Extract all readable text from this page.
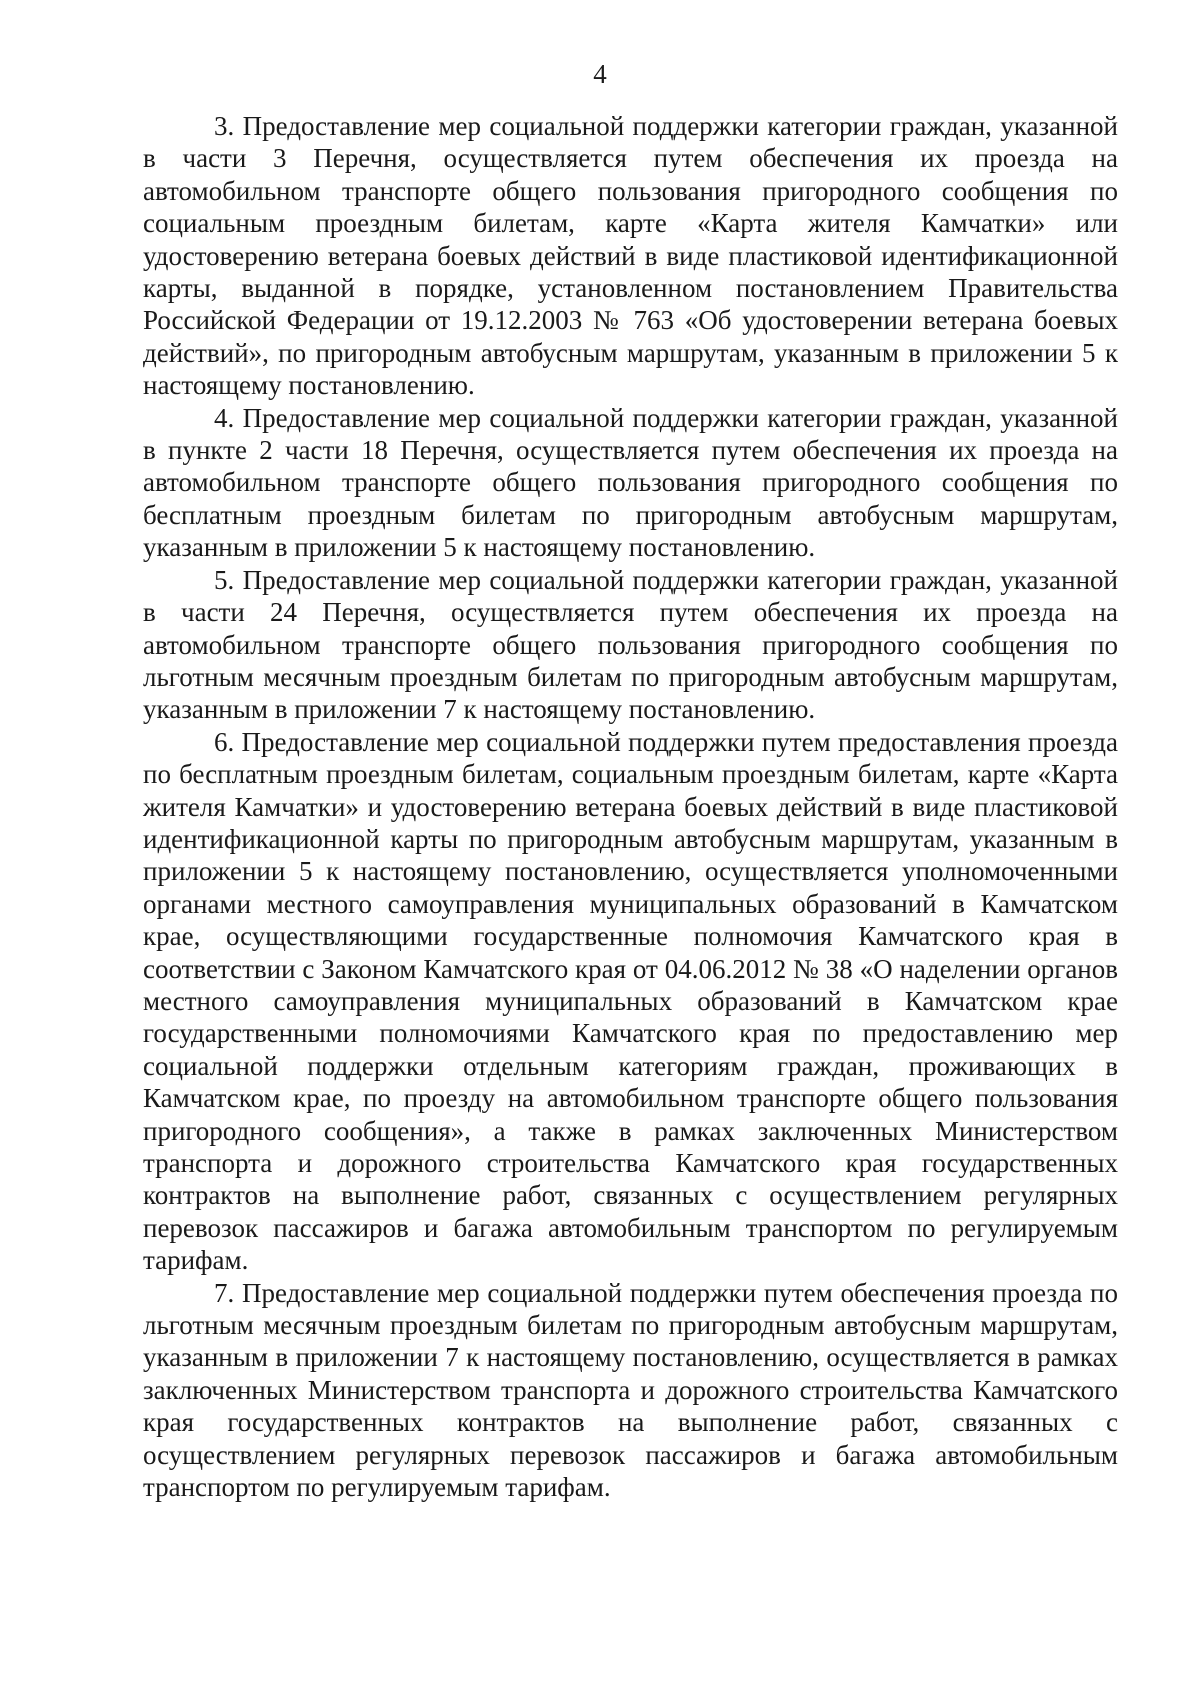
4

3. Предоставление мер социальной поддержки категории граждан, указанной в части 3 Перечня, осуществляется путем обеспечения их проезда на автомобильном транспорте общего пользования пригородного сообщения по социальным проездным билетам, карте «Карта жителя Камчатки» или удостоверению ветерана боевых действий в виде пластиковой идентификационной карты, выданной в порядке, установленном постановлением Правительства Российской Федерации от 19.12.2003 № 763 «Об удостоверении ветерана боевых действий», по пригородным автобусным маршрутам, указанным в приложении 5 к настоящему постановлению.

4. Предоставление мер социальной поддержки категории граждан, указанной в пункте 2 части 18 Перечня, осуществляется путем обеспечения их проезда на автомобильном транспорте общего пользования пригородного сообщения по бесплатным проездным билетам по пригородным автобусным маршрутам, указанным в приложении 5 к настоящему постановлению.

5. Предоставление мер социальной поддержки категории граждан, указанной в части 24 Перечня, осуществляется путем обеспечения их проезда на автомобильном транспорте общего пользования пригородного сообщения по льготным месячным проездным билетам по пригородным автобусным маршрутам, указанным в приложении 7 к настоящему постановлению.

6. Предоставление мер социальной поддержки путем предоставления проезда по бесплатным проездным билетам, социальным проездным билетам, карте «Карта жителя Камчатки» и удостоверению ветерана боевых действий в виде пластиковой идентификационной карты по пригородным автобусным маршрутам, указанным в приложении 5 к настоящему постановлению, осуществляется уполномоченными органами местного самоуправления муниципальных образований в Камчатском крае, осуществляющими государственные полномочия Камчатского края в соответствии с Законом Камчатского края от 04.06.2012 № 38 «О наделении органов местного самоуправления муниципальных образований в Камчатском крае государственными полномочиями Камчатского края по предоставлению мер социальной поддержки отдельным категориям граждан, проживающих в Камчатском крае, по проезду на автомобильном транспорте общего пользования пригородного сообщения», а также в рамках заключенных Министерством транспорта и дорожного строительства Камчатского края государственных контрактов на выполнение работ, связанных с осуществлением регулярных перевозок пассажиров и багажа автомобильным транспортом по регулируемым тарифам.

7. Предоставление мер социальной поддержки путем обеспечения проезда по льготным месячным проездным билетам по пригородным автобусным маршрутам, указанным в приложении 7 к настоящему постановлению, осуществляется в рамках заключенных Министерством транспорта и дорожного строительства Камчатского края государственных контрактов на выполнение работ, связанных с осуществлением регулярных перевозок пассажиров и багажа автомобильным транспортом по регулируемым тарифам.
